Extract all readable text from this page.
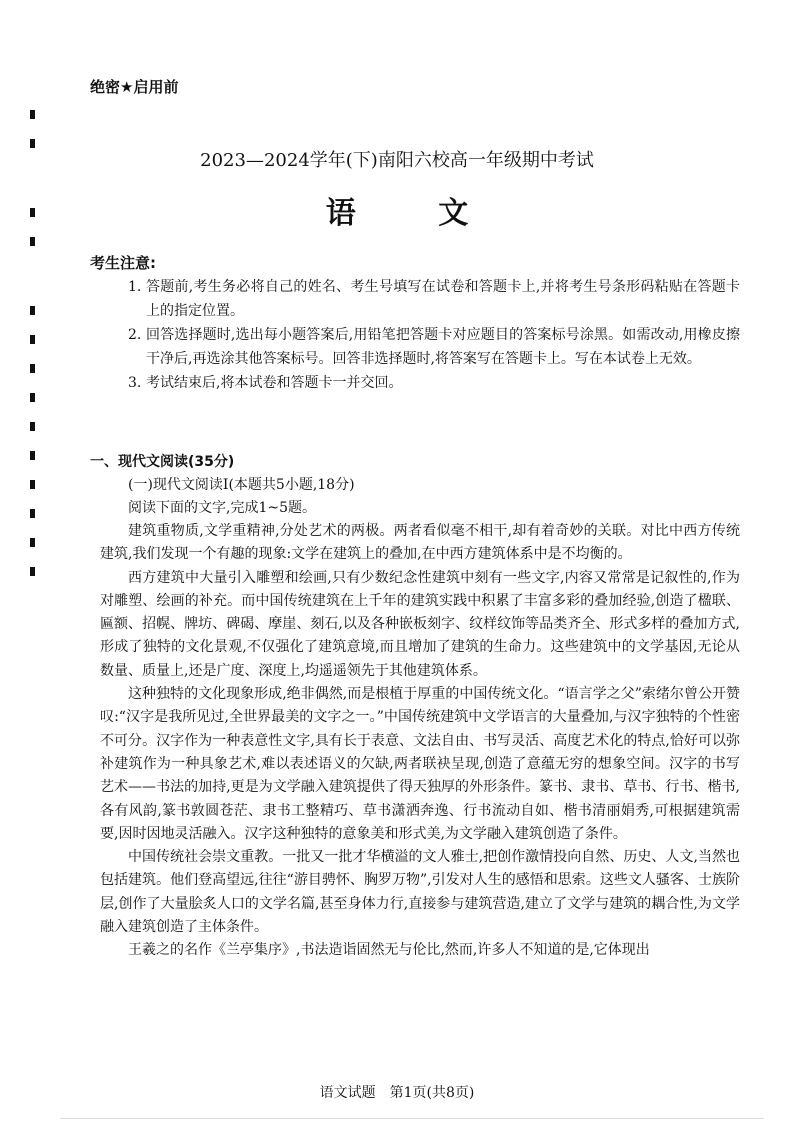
绝密★启用前
2023—2024学年(下)南阳六校高一年级期中考试
语 文
考生注意:
1. 答题前,考生务必将自己的姓名、考生号填写在试卷和答题卡上,并将考生号条形码粘贴在答题卡上的指定位置。
2. 回答选择题时,选出每小题答案后,用铅笔把答题卡对应题目的答案标号涂黑。如需改动,用橡皮擦干净后,再选涂其他答案标号。回答非选择题时,将答案写在答题卡上。写在本试卷上无效。
3. 考试结束后,将本试卷和答题卡一并交回。
一、现代文阅读(35分)
(一)现代文阅读Ⅰ(本题共5小题,18分)
阅读下面的文字,完成1~5题。

建筑重物质,文学重精神,分处艺术的两极。两者看似毫不相干,却有着奇妙的关联。对比中西方传统建筑,我们发现一个有趣的现象:文学在建筑上的叠加,在中西方建筑体系中是不均衡的。

西方建筑中大量引入雕塑和绘画,只有少数纪念性建筑中刻有一些文字,内容又常常是记叙性的,作为对雕塑、绘画的补充。而中国传统建筑在上千年的建筑实践中积累了丰富多彩的叠加经验,创造了楹联、匾额、招幌、牌坊、碑碣、摩崖、刻石,以及各种嵌板刻字、纹样纹饰等品类齐全、形式多样的叠加方式,形成了独特的文化景观,不仅强化了建筑意境,而且增加了建筑的生命力。这些建筑中的文学基因,无论从数量、质量上,还是广度、深度上,均遥遥领先于其他建筑体系。

这种独特的文化现象形成,绝非偶然,而是根植于厚重的中国传统文化。“语言学之父”索绪尔曾公开赞叹:“汉字是我所见过,全世界最美的文字之一。”中国传统建筑中文学语言的大量叠加,与汉字独特的个性密不可分。汉字作为一种表意性文字,具有长于表意、文法自由、书写灵活、高度艺术化的特点,恰好可以弥补建筑作为一种具象艺术,难以表述语义的欠缺,两者联袂呈现,创造了意蕴无穷的想象空间。汉字的书写艺术——书法的加持,更是为文学融入建筑提供了得天独厚的外形条件。篆书、隶书、草书、行书、楷书,各有风韵,篆书敦圆苍茫、隶书工整精巧、草书潇洒奔逸、行书流动自如、楷书清丽娟秀,可根据建筑需要,因时因地灵活融入。汉字这种独特的意象美和形式美,为文学融入建筑创造了条件。

中国传统社会崇文重教。一批又一批才华横溢的文人雅士,把创作激情投向自然、历史、人文,当然也包括建筑。他们登高望远,往往“游目骋怀、胸罗万物”,引发对人生的感悟和思索。这些文人骚客、士族阶层,创作了大量脍炙人口的文学名篇,甚至身体力行,直接参与建筑营造,建立了文学与建筑的耦合性,为文学融入建筑创造了主体条件。

王羲之的名作《兰亭集序》,书法造诣固然无与伦比,然而,许多人不知道的是,它体现出

语文试题　第1页(共8页)
